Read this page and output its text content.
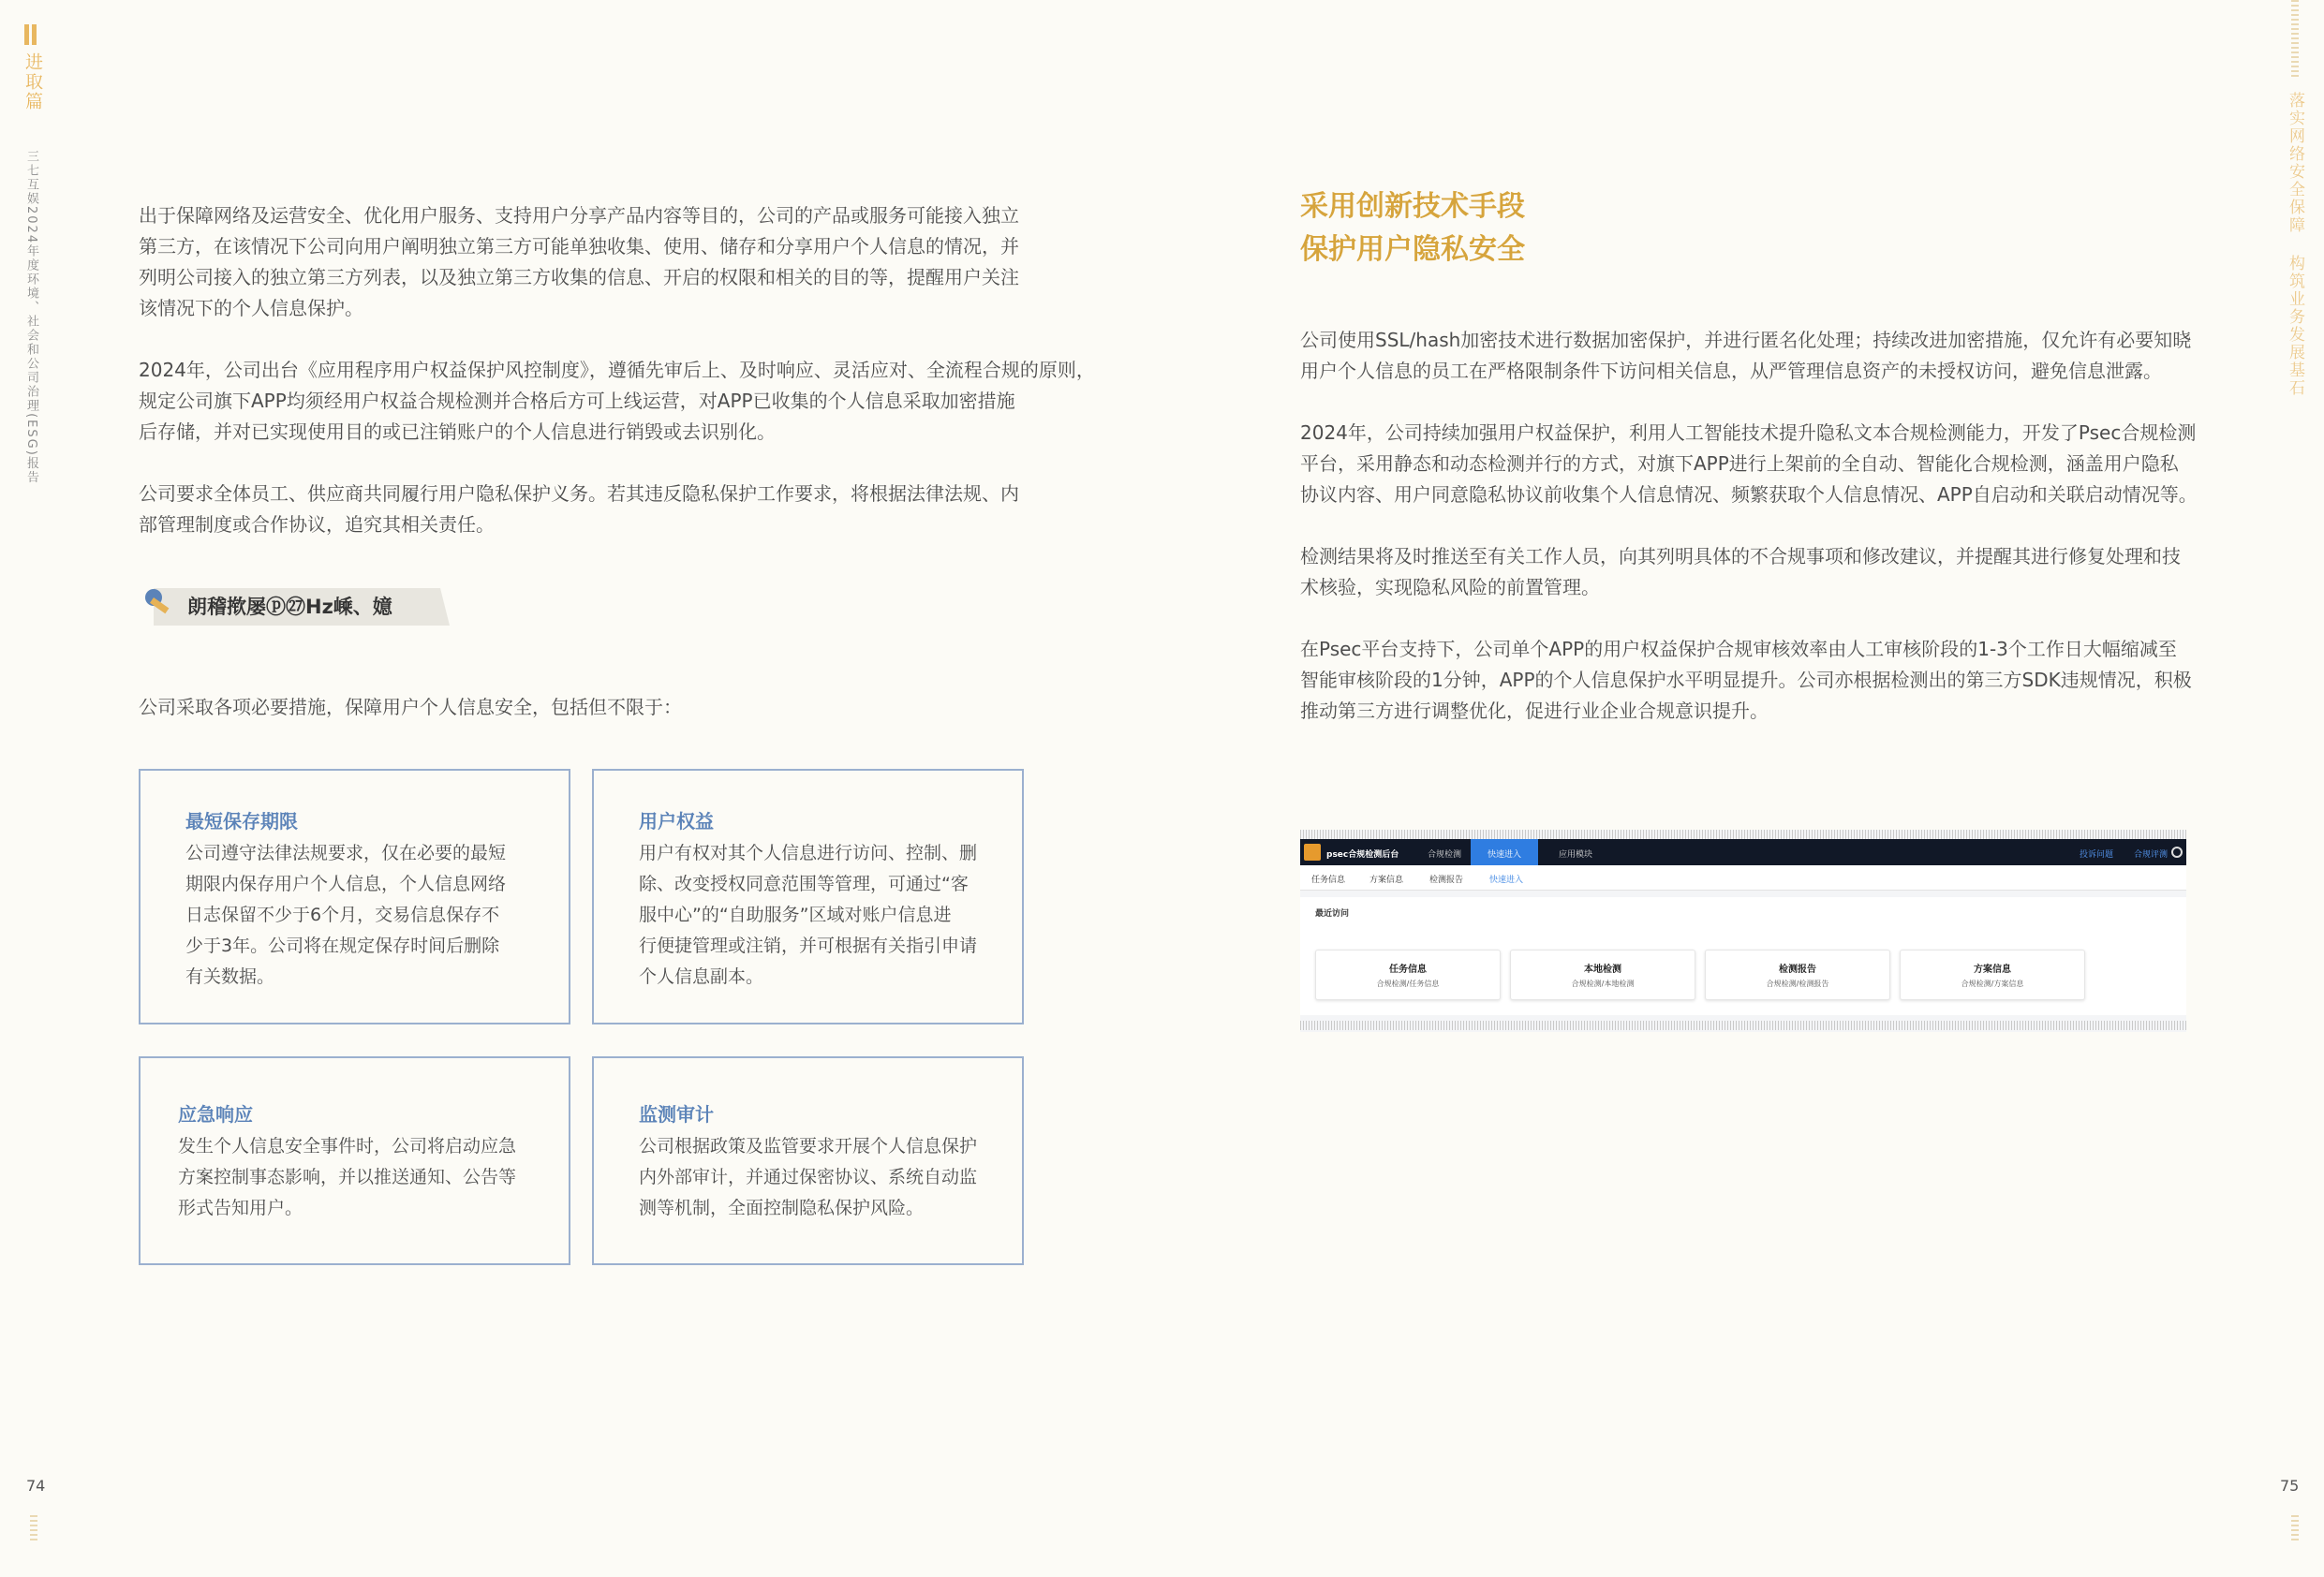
进取篇
三七互娱2024年度环境、社会和公司治理(ESG)报告	落实网络安全保障
构筑业务发展基石

出于保障网络及运营安全、优化用户服务、支持用户分享产品内容等目的，公司的产品或服务可能接入独立

第三方，在该情况下公司向用户阐明独立第三方可能单独收集、使用、储存和分享用户个人信息的情况，并

列明公司接入的独立第三方列表，以及独立第三方收集的信息、开启的权限和相关的目的等，提醒用户关注

该情况下的个人信息保护。

2024年，公司出台《应用程序用户权益保护风控制度》，遵循先审后上、及时响应、灵活应对、全流程合规的原则，

规定公司旗下APP均须经用户权益合规检测并合格后方可上线运营，对APP已收集的个人信息采取加密措施

后存储，并对已实现使用目的或已注销账户的个人信息进行销毁或去识别化。

公司要求全体员工、供应商共同履行用户隐私保护义务。若其违反隐私保护工作要求，将根据法律法规、内

部管理制度或合作协议，追究其相关责任。

朗稽揿屡ⓟ㉗Hz嵊、嬑

公司采取各项必要措施，保障用户个人信息安全，包括但不限于：

最短保存期限
公司遵守法律法规要求，仅在必要的最短
期限内保存用户个人信息，个人信息网络
日志保留不少于6个月，交易信息保存不
少于3年。公司将在规定保存时间后删除
有关数据。
用户权益
用户有权对其个人信息进行访问、控制、删
除、改变授权同意范围等管理，可通过“客
服中心”的“自助服务”区域对账户信息进
行便捷管理或注销，并可根据有关指引申请
个人信息副本。
应急响应
发生个人信息安全事件时，公司将启动应急
方案控制事态影响，并以推送通知、公告等
形式告知用户。
监测审计
公司根据政策及监管要求开展个人信息保护
内外部审计，并通过保密协议、系统自动监
测等机制，全面控制隐私保护风险。
74	75
采用创新技术手段
保护用户隐私安全

公司使用SSL/hash加密技术进行数据加密保护，并进行匿名化处理；持续改进加密措施，仅允许有必要知晓

用户个人信息的员工在严格限制条件下访问相关信息，从严管理信息资产的未授权访问，避免信息泄露。

2024年，公司持续加强用户权益保护，利用人工智能技术提升隐私文本合规检测能力，开发了Psec合规检测

平台，采用静态和动态检测并行的方式，对旗下APP进行上架前的全自动、智能化合规检测，涵盖用户隐私

协议内容、用户同意隐私协议前收集个人信息情况、频繁获取个人信息情况、APP自启动和关联启动情况等。

检测结果将及时推送至有关工作人员，向其列明具体的不合规事项和修改建议，并提醒其进行修复处理和技

术核验，实现隐私风险的前置管理。

在Psec平台支持下，公司单个APP的用户权益保护合规审核效率由人工审核阶段的1-3个工作日大幅缩减至

智能审核阶段的1分钟，APP的个人信息保护水平明显提升。公司亦根据检测出的第三方SDK违规情况，积极

推动第三方进行调整优化，促进行业企业合规意识提升。

psec合规检测后台	合规检测	快速进入	应用模块	投诉问题 合规评测
任务信息	方案信息	检测报告	快速进入
最近访问
任务信息
合规检测/任务信息
本地检测
合规检测/本地检测
检测报告
合规检测/检测报告
方案信息
合规检测/方案信息
